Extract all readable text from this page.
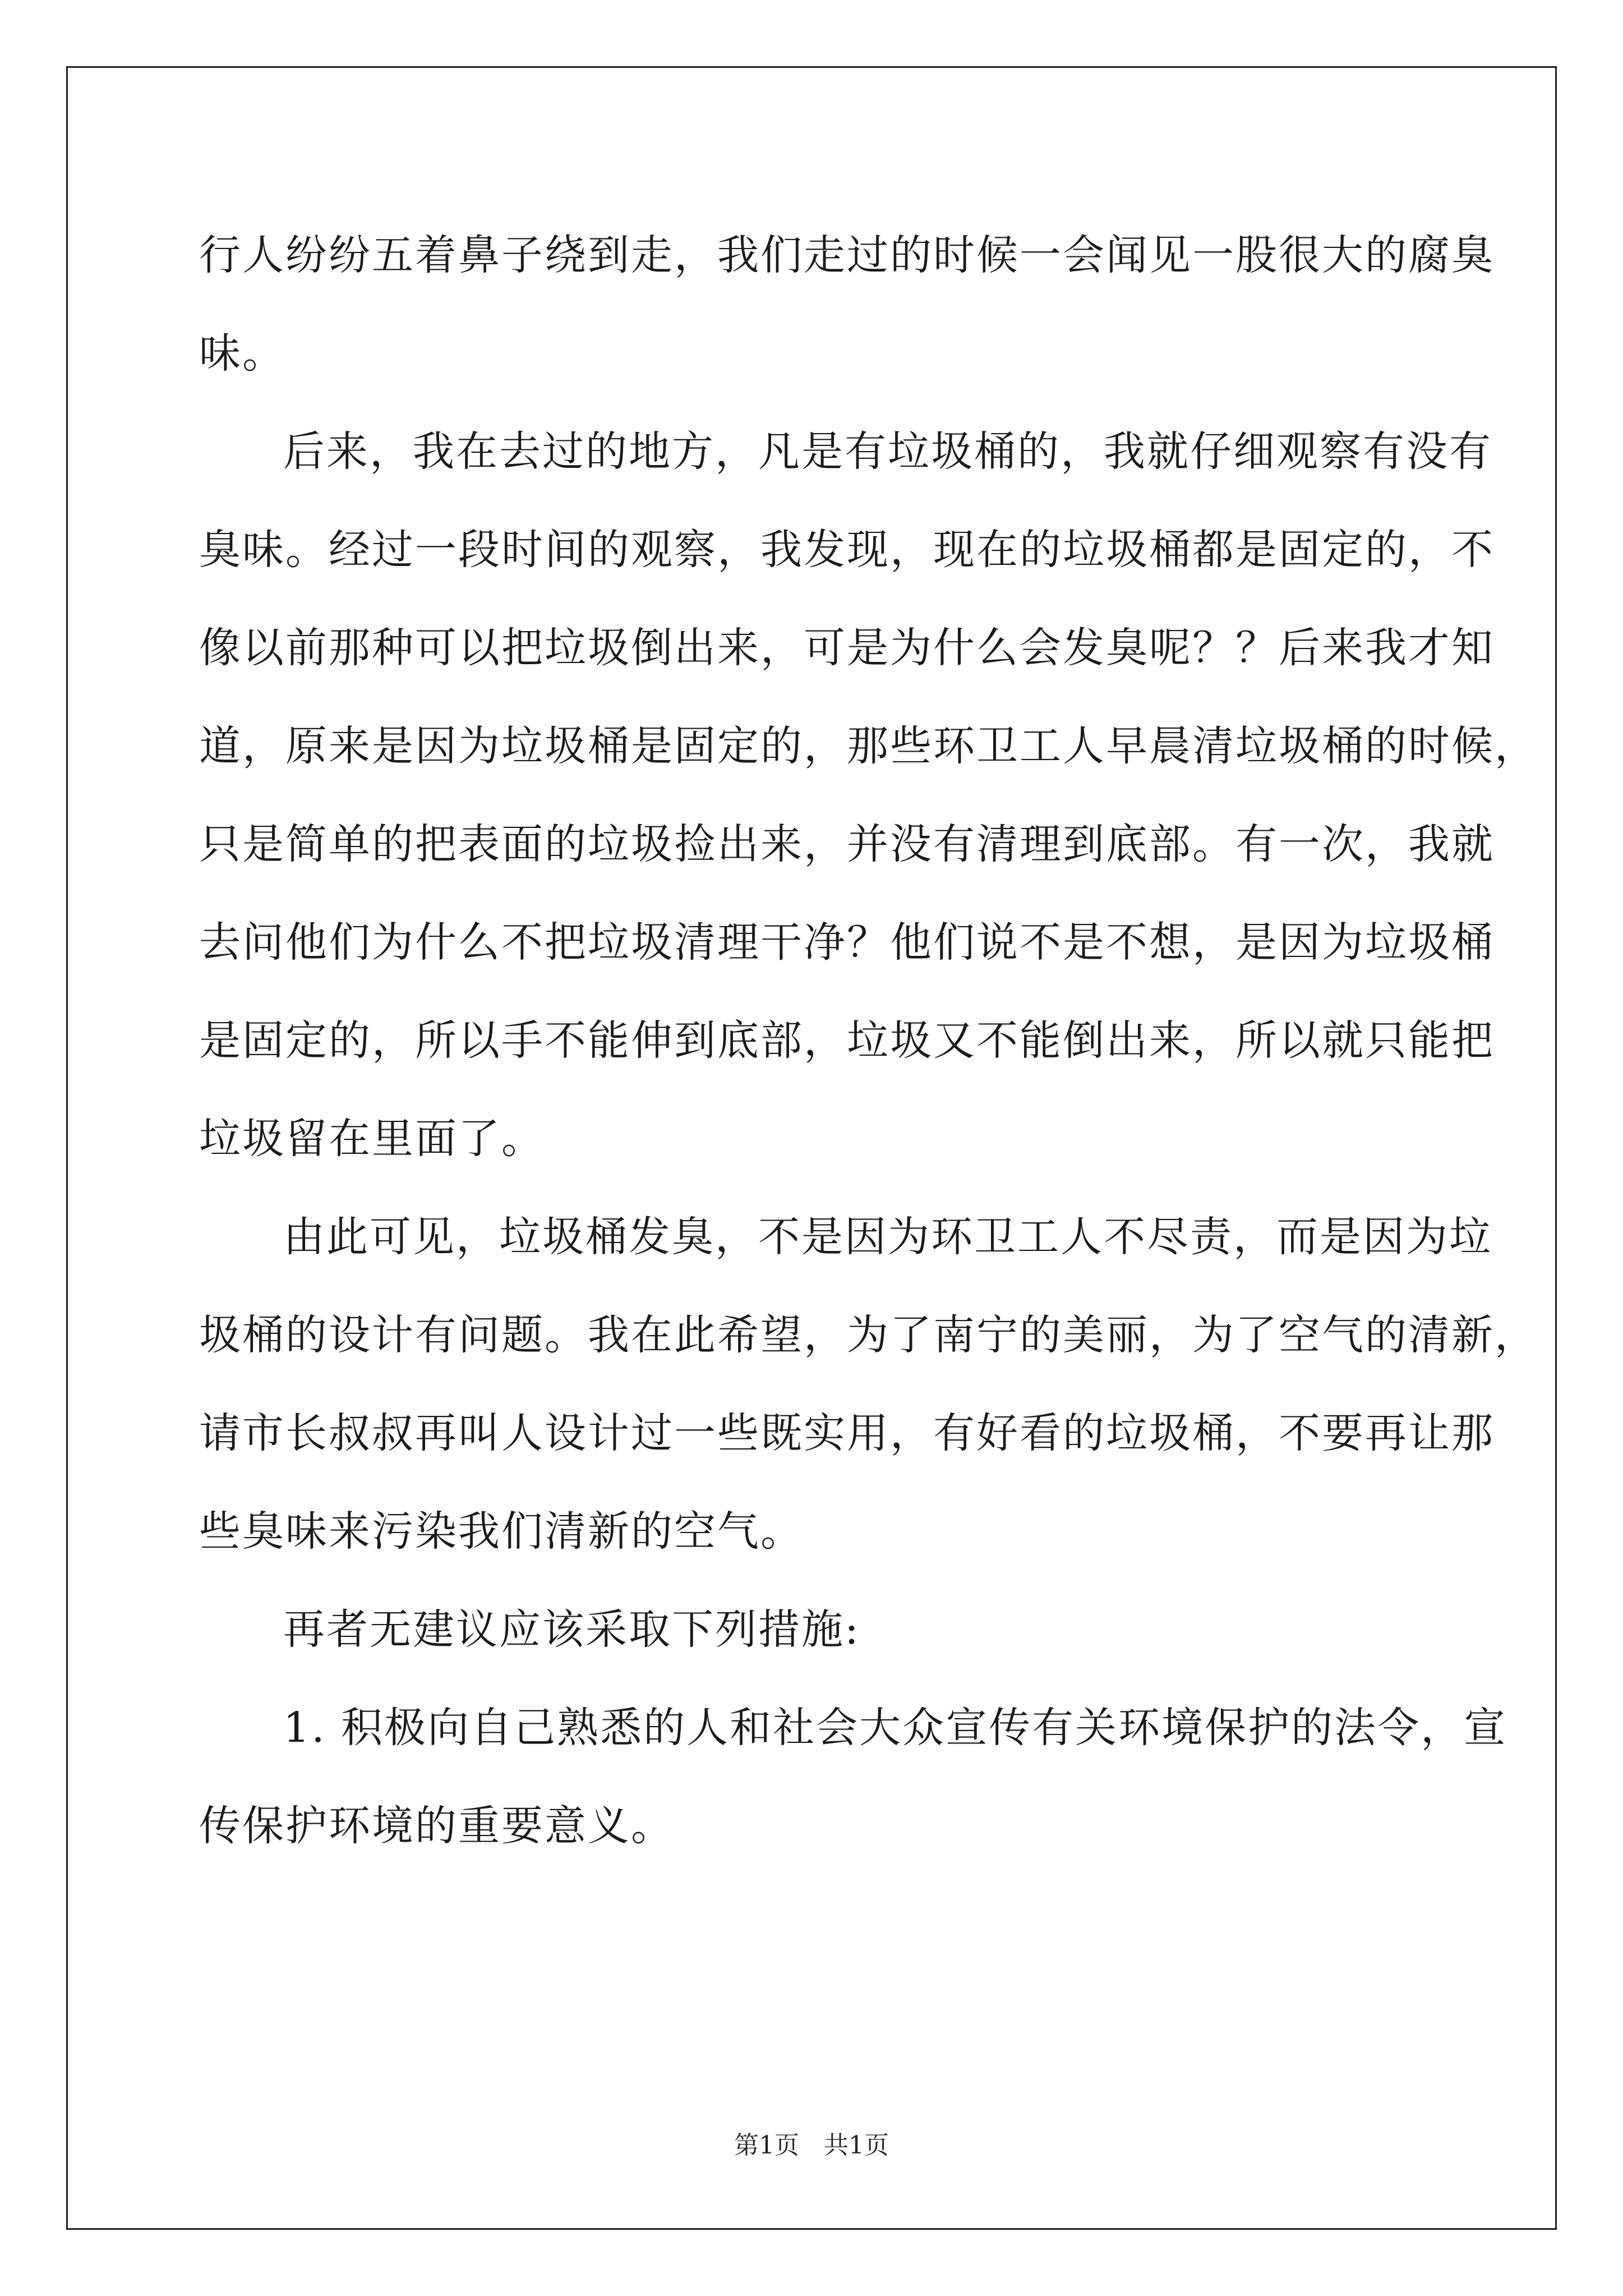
行人纷纷五着鼻子绕到走，我们走过的时候一会闻见一股很大的腐臭
味。
后来，我在去过的地方，凡是有垃圾桶的，我就仔细观察有没有
臭味。经过一段时间的观察，我发现，现在的垃圾桶都是固定的，不
像以前那种可以把垃圾倒出来，可是为什么会发臭呢？？后来我才知
道，原来是因为垃圾桶是固定的，那些环卫工人早晨清垃圾桶的时候，
只是简单的把表面的垃圾捡出来，并没有清理到底部。有一次，我就
去问他们为什么不把垃圾清理干净？他们说不是不想，是因为垃圾桶
是固定的，所以手不能伸到底部，垃圾又不能倒出来，所以就只能把
垃圾留在里面了。
由此可见，垃圾桶发臭，不是因为环卫工人不尽责，而是因为垃
圾桶的设计有问题。我在此希望，为了南宁的美丽，为了空气的清新，
请市长叔叔再叫人设计过一些既实用，有好看的垃圾桶，不要再让那
些臭味来污染我们清新的空气。
再者无建议应该采取下列措施:
1. 积极向自己熟悉的人和社会大众宣传有关环境保护的法令，宣
传保护环境的重要意义。
第1页　共1页
